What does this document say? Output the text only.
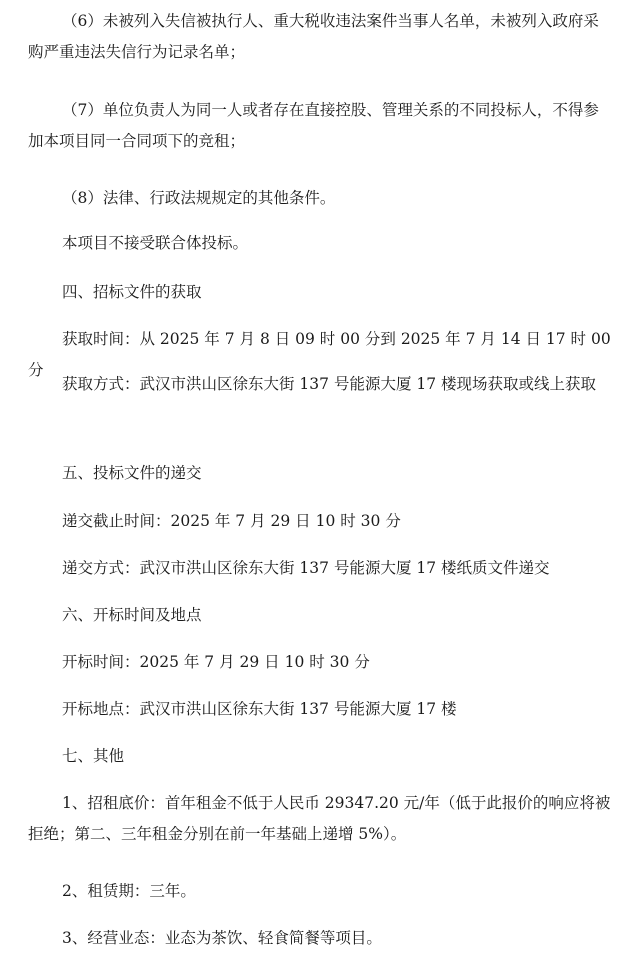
（6）未被列入失信被执行人、重大税收违法案件当事人名单，未被列入政府采购严重违法失信行为记录名单；

（7）单位负责人为同一人或者存在直接控股、管理关系的不同投标人，不得参加本项目同一合同项下的竞租；

（8）法律、行政法规规定的其他条件。

本项目不接受联合体投标。

四、招标文件的获取

获取时间：从 2025 年 7 月 8 日 09 时 00 分到 2025 年 7 月 14 日 17 时 00 分

获取方式：武汉市洪山区徐东大街 137 号能源大厦 17 楼现场获取或线上获取

五、投标文件的递交

递交截止时间：2025 年 7 月 29 日 10 时 30 分

递交方式：武汉市洪山区徐东大街 137 号能源大厦 17 楼纸质文件递交

六、开标时间及地点

开标时间：2025 年 7 月 29 日 10 时 30 分

开标地点：武汉市洪山区徐东大街 137 号能源大厦 17 楼

七、其他

1、招租底价：首年租金不低于人民币 29347.20 元/年（低于此报价的响应将被拒绝；第二、三年租金分别在前一年基础上递增 5%）。

2、租赁期：三年。

3、经营业态：业态为茶饮、轻食简餐等项目。
